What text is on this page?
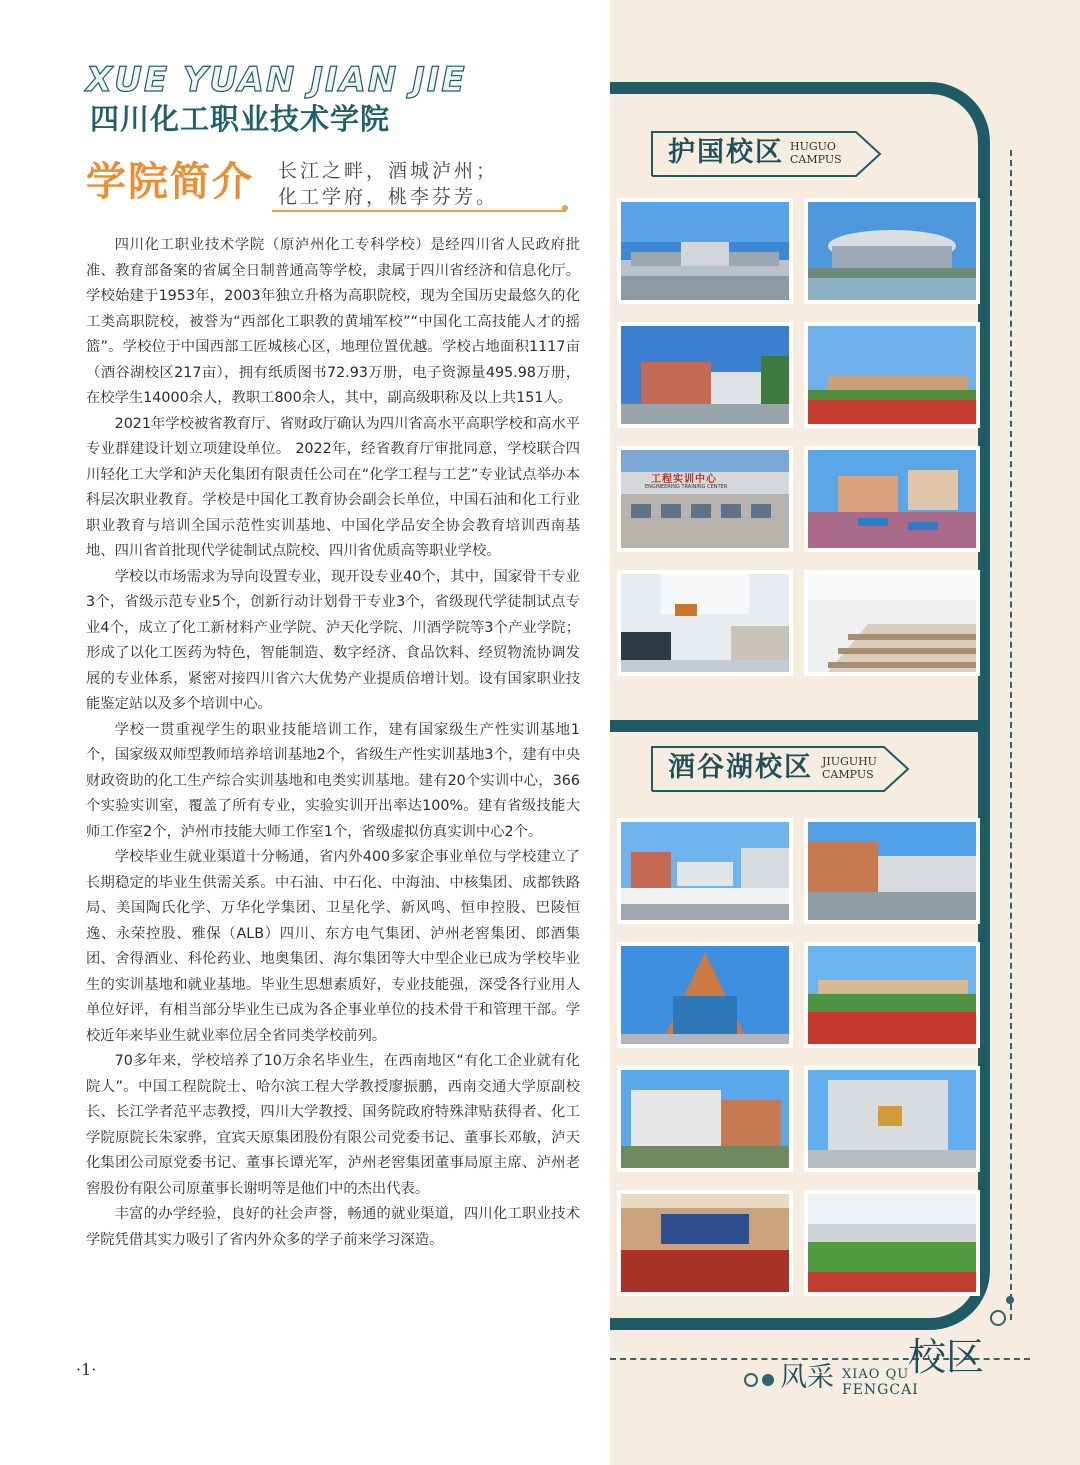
XUE YUAN JIAN JIE
四川化工职业技术学院
学院简介 长江之畔，酒城泸州；
化工学府，桃李芬芳。

四川化工职业技术学院（原泸州化工专科学校）是经四川省人民政府批准、教育部备案的省属全日制普通高等学校，隶属于四川省经济和信息化厅。学校始建于1953年，2003年独立升格为高职院校，现为全国历史最悠久的化工类高职院校，被誉为“西部化工职教的黄埔军校”“中国化工高技能人才的摇篮”。学校位于中国西部工匠城核心区，地理位置优越。学校占地面积1117亩（酒谷湖校区217亩），拥有纸质图书72.93万册，电子资源量495.98万册，在校学生14000余人，教职工800余人，其中，副高级职称及以上共151人。

2021年学校被省教育厅、省财政厅确认为四川省高水平高职学校和高水平专业群建设计划立项建设单位。 2022年，经省教育厅审批同意，学校联合四川轻化工大学和泸天化集团有限责任公司在“化学工程与工艺”专业试点举办本科层次职业教育。学校是中国化工教育协会副会长单位，中国石油和化工行业职业教育与培训全国示范性实训基地、中国化学品安全协会教育培训西南基地、四川省首批现代学徒制试点院校、四川省优质高等职业学校。

学校以市场需求为导向设置专业，现开设专业40个，其中，国家骨干专业3个，省级示范专业5个，创新行动计划骨干专业3个，省级现代学徒制试点专业4个，成立了化工新材料产业学院、泸天化学院、川酒学院等3个产业学院；形成了以化工医药为特色，智能制造、数字经济、食品饮料、经贸物流协调发展的专业体系，紧密对接四川省六大优势产业提质倍增计划。设有国家职业技能鉴定站以及多个培训中心。

学校一贯重视学生的职业技能培训工作，建有国家级生产性实训基地1个，国家级双师型教师培养培训基地2个，省级生产性实训基地3个，建有中央财政资助的化工生产综合实训基地和电类实训基地。建有20个实训中心，366个实验实训室，覆盖了所有专业，实验实训开出率达100%。建有省级技能大师工作室2个，泸州市技能大师工作室1个，省级虚拟仿真实训中心2个。

学校毕业生就业渠道十分畅通，省内外400多家企事业单位与学校建立了长期稳定的毕业生供需关系。中石油、中石化、中海油、中核集团、成都铁路局、美国陶氏化学、万华化学集团、卫星化学、新风鸣、恒申控股、巴陵恒逸、永荣控股、雅保（ALB）四川、东方电气集团、泸州老窖集团、郎酒集团、舍得酒业、科伦药业、地奥集团、海尔集团等大中型企业已成为学校毕业生的实训基地和就业基地。毕业生思想素质好，专业技能强，深受各行业用人单位好评，有相当部分毕业生已成为各企事业单位的技术骨干和管理干部。学校近年来毕业生就业率位居全省同类学校前列。

70多年来，学校培养了10万余名毕业生，在西南地区“有化工企业就有化院人”。中国工程院院士、哈尔滨工程大学教授廖振鹏，西南交通大学原副校长、长江学者范平志教授，四川大学教授、国务院政府特殊津贴获得者、化工学院原院长朱家骅，宜宾天原集团股份有限公司党委书记、董事长邓敏，泸天化集团公司原党委书记、董事长谭光军，泸州老窖集团董事局原主席、泸州老窖股份有限公司原董事长谢明等是他们中的杰出代表。

丰富的办学经验，良好的社会声誉，畅通的就业渠道，四川化工职业技术学院凭借其实力吸引了省内外众多的学子前来学习深造。

·1·
护国校区 HUGUO
CAMPUS
酒谷湖校区 JIUGUHU
CAMPUS
工程实训中心
ENGINEERING TRAINING CENTER
风采 XIAO QU
FENGCAI
校区
